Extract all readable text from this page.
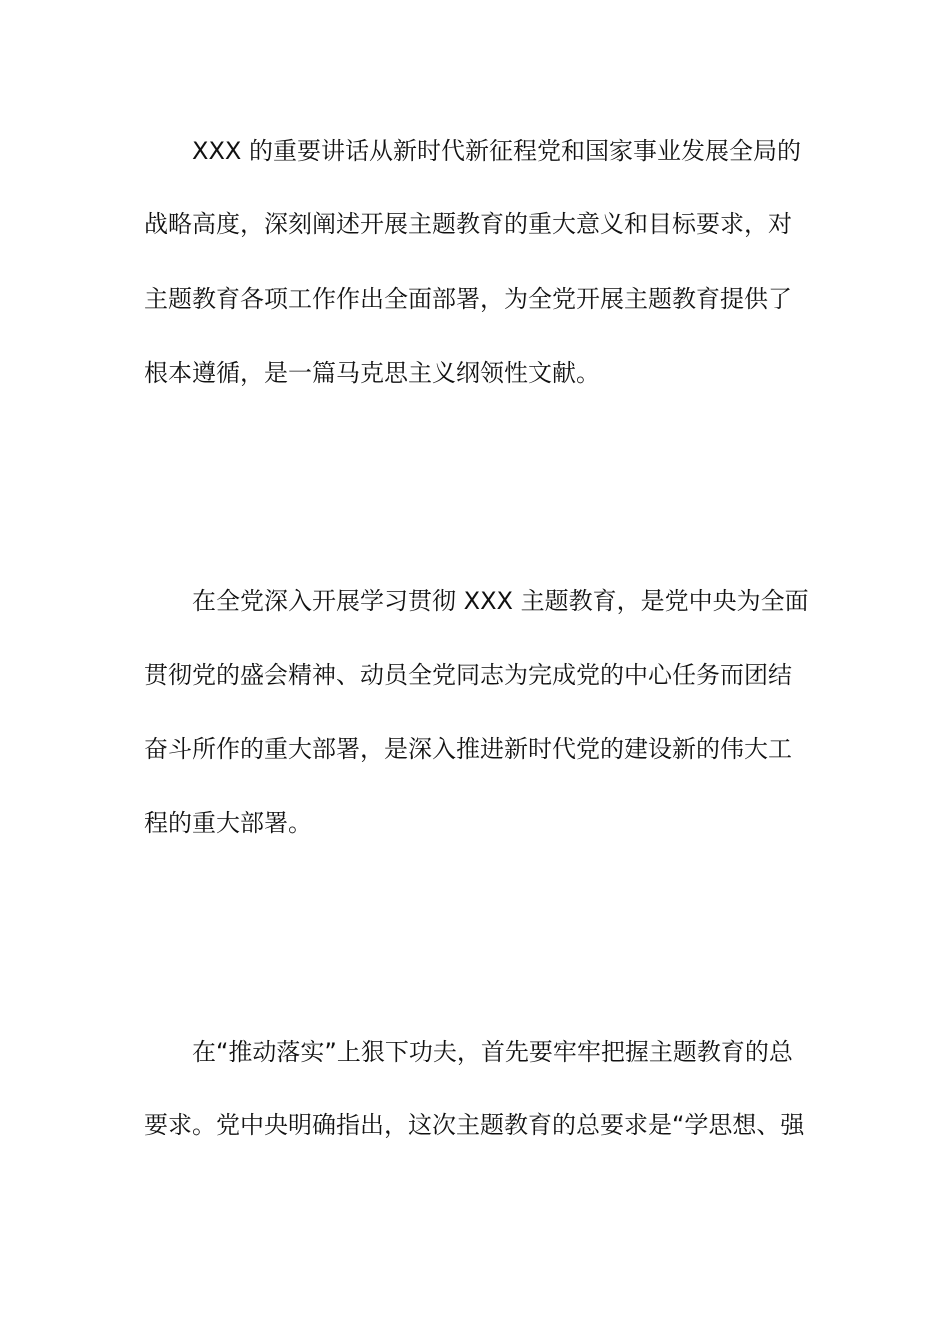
XXX 的重要讲话从新时代新征程党和国家事业发展全局的
战略高度，深刻阐述开展主题教育的重大意义和目标要求，对
主题教育各项工作作出全面部署，为全党开展主题教育提供了
根本遵循，是一篇马克思主义纲领性文献。
在全党深入开展学习贯彻 XXX 主题教育，是党中央为全面
贯彻党的盛会精神、动员全党同志为完成党的中心任务而团结
奋斗所作的重大部署，是深入推进新时代党的建设新的伟大工
程的重大部署。
在“推动落实”上狠下功夫，首先要牢牢把握主题教育的总
要求。党中央明确指出，这次主题教育的总要求是“学思想、强
